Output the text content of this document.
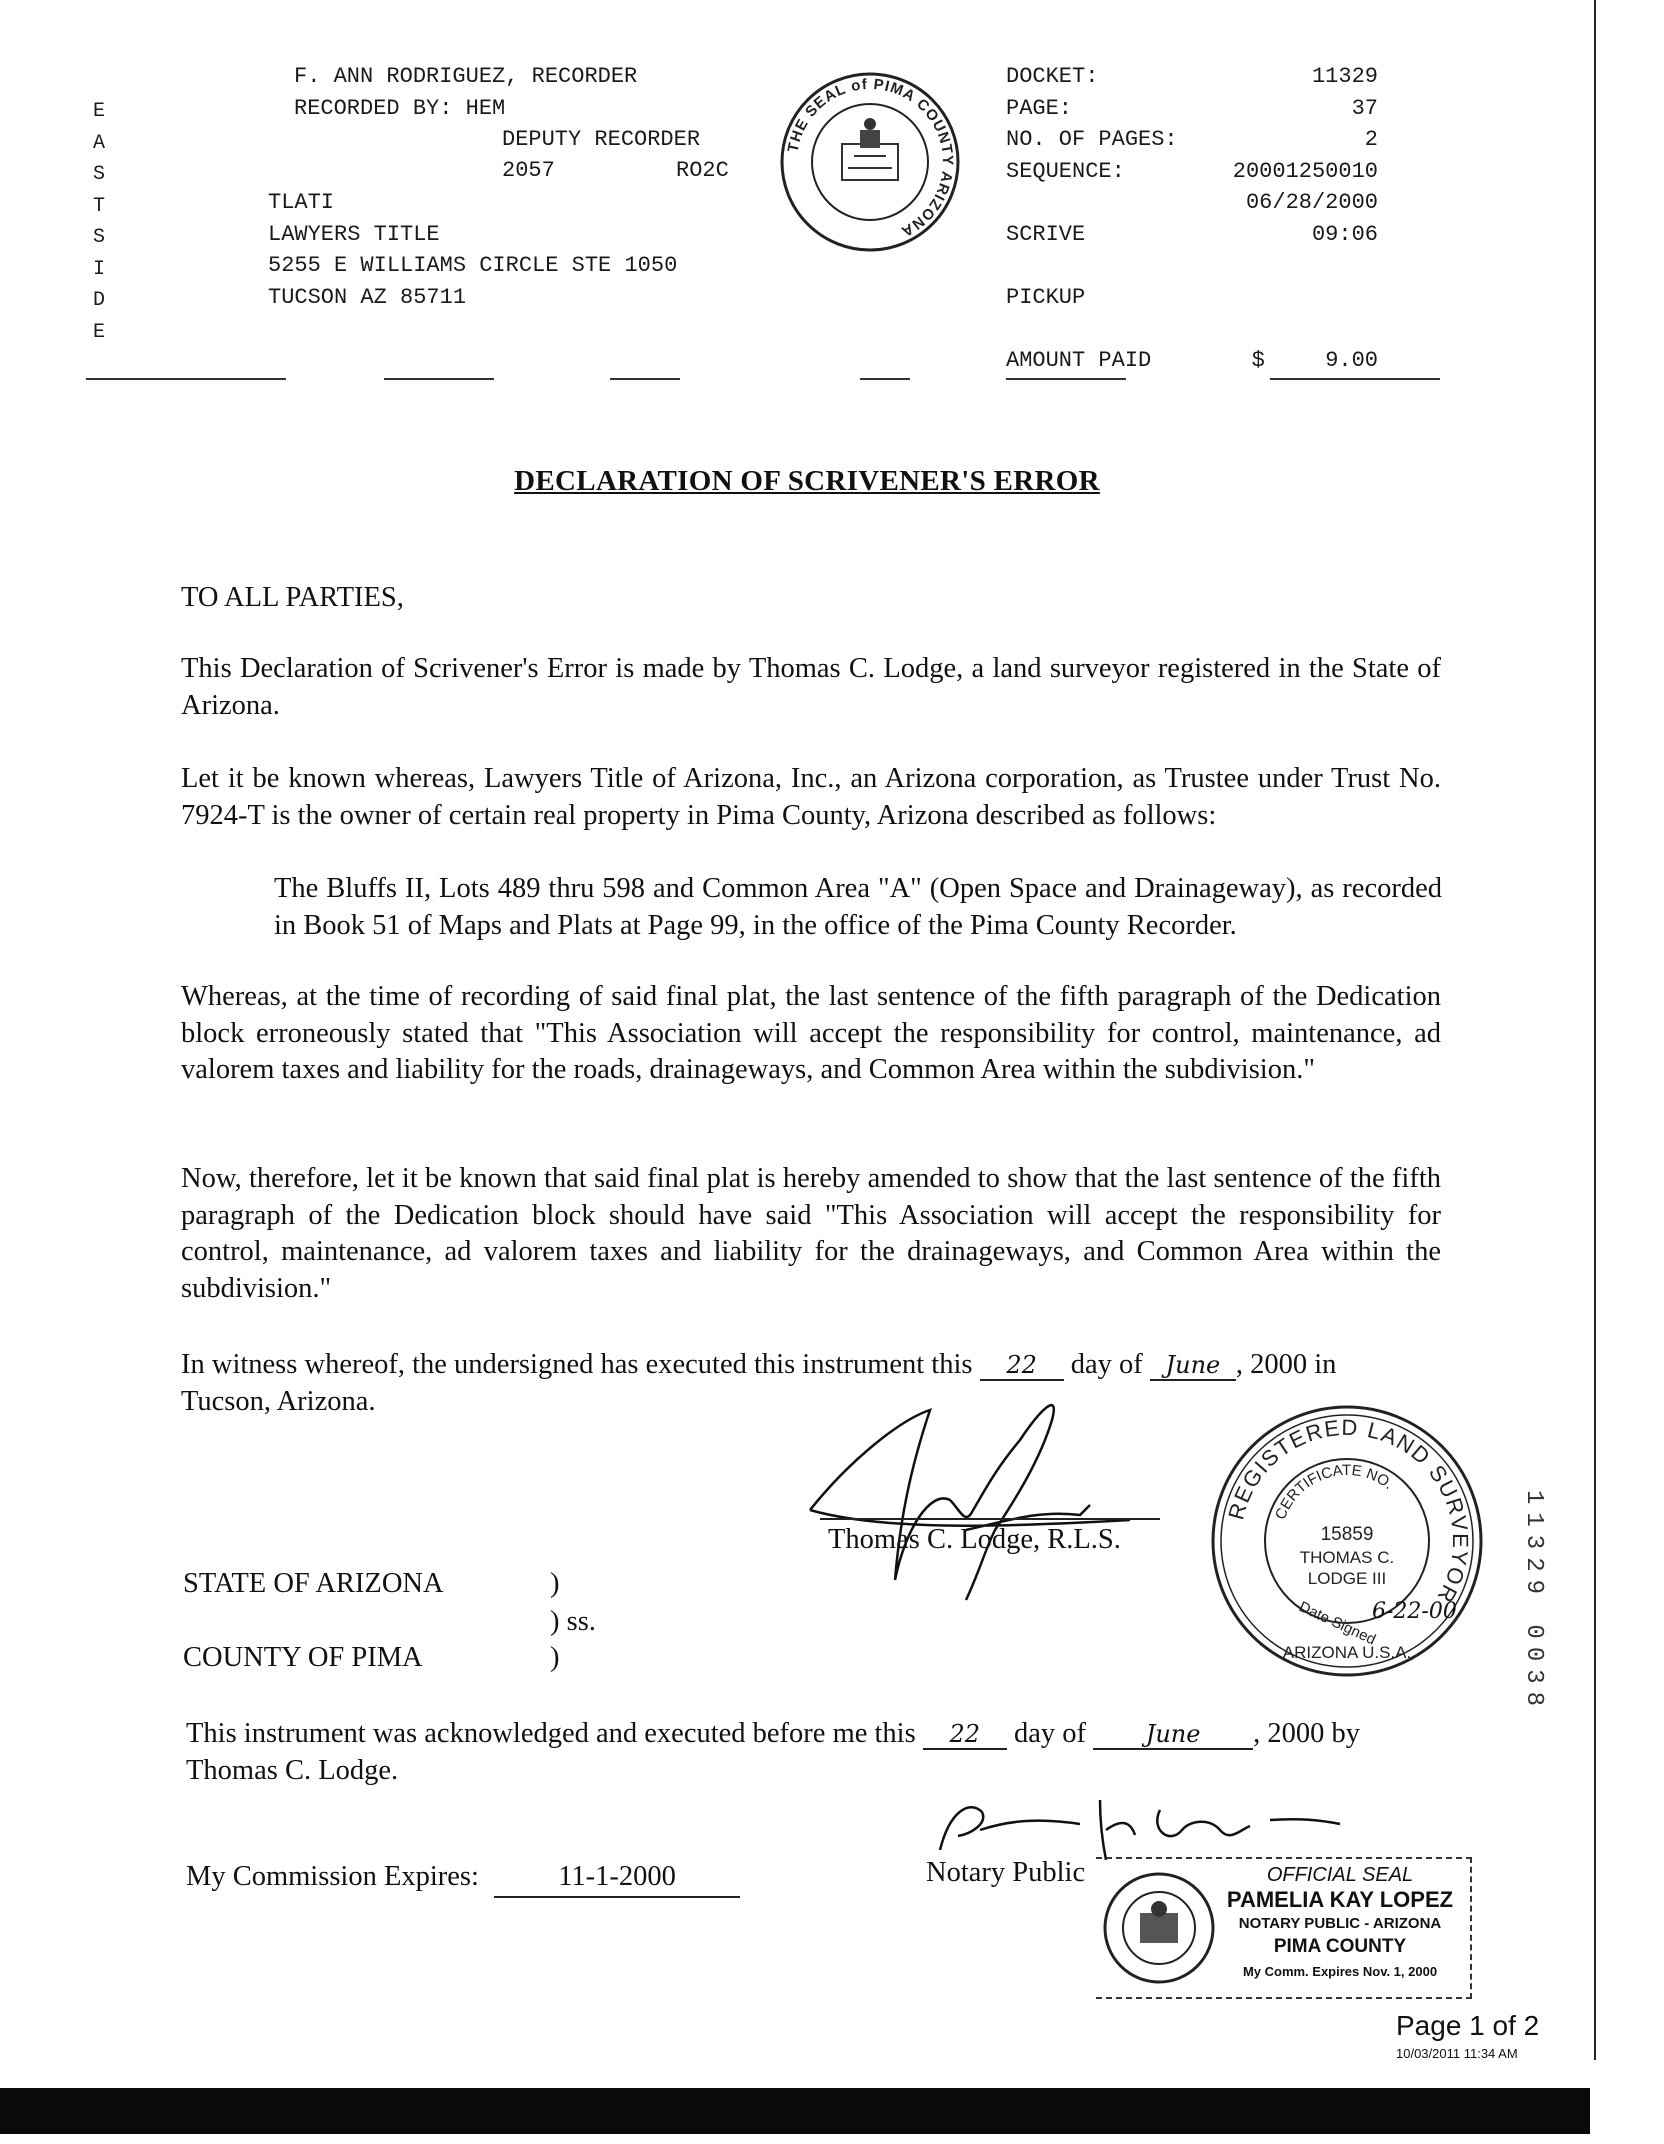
E
A
S
T
S
I
D
E
F. ANN RODRIGUEZ, RECORDER
RECORDED BY: HEM
DEPUTY RECORDER
2057	RO2C
TLATI
LAWYERS TITLE
5255 E WILLIAMS CIRCLE STE 1050
TUCSON AZ 85711
THE SEAL of PIMA COUNTY ARIZONA
DOCKET:	11329
PAGE:	37
NO. OF PAGES:	2
SEQUENCE:	20001250010
06/28/2000
SCRIVE	09:06

PICKUP

AMOUNT PAID	$	9.00
DECLARATION OF SCRIVENER'S ERROR
TO ALL PARTIES,
This Declaration of Scrivener's Error is made by Thomas C. Lodge, a land surveyor registered in the State of Arizona.
Let it be known whereas, Lawyers Title of Arizona, Inc., an Arizona corporation, as Trustee under Trust No. 7924-T is the owner of certain real property in Pima County, Arizona described as follows:
The Bluffs II, Lots 489 thru 598 and Common Area "A" (Open Space and Drainageway), as recorded in Book 51 of Maps and Plats at Page 99, in the office of the Pima County Recorder.
Whereas, at the time of recording of said final plat, the last sentence of the fifth paragraph of the Dedication block erroneously stated that "This Association will accept the responsibility for control, maintenance, ad valorem taxes and liability for the roads, drainageways, and Common Area within the subdivision."
Now, therefore, let it be known that said final plat is hereby amended to show that the last sentence of the fifth paragraph of the Dedication block should have said "This Association will accept the responsibility for control, maintenance, ad valorem taxes and liability for the drainageways, and Common Area within the subdivision."
In witness whereof, the undersigned has executed this instrument this 22 day of June , 2000 in
Tucson, Arizona.
Thomas C. Lodge, R.L.S.
REGISTERED LAND SURVEYOR
CERTIFICATE NO.
15859
THOMAS C.
LODGE III
Date Signed
6-22-00
ARIZONA U.S.A.
STATE OF ARIZONA	)
) ss.
COUNTY OF PIMA	)
This instrument was acknowledged and executed before me this 22 day of June , 2000 by
Thomas C. Lodge.
My Commission Expires:	11-1-2000	Notary Public	OFFICIAL SEAL
PAMELIA KAY LOPEZ
NOTARY PUBLIC - ARIZONA
PIMA COUNTY
My Comm. Expires Nov. 1, 2000
11329 0038
Page 1 of 2
10/03/2011 11:34 AM
